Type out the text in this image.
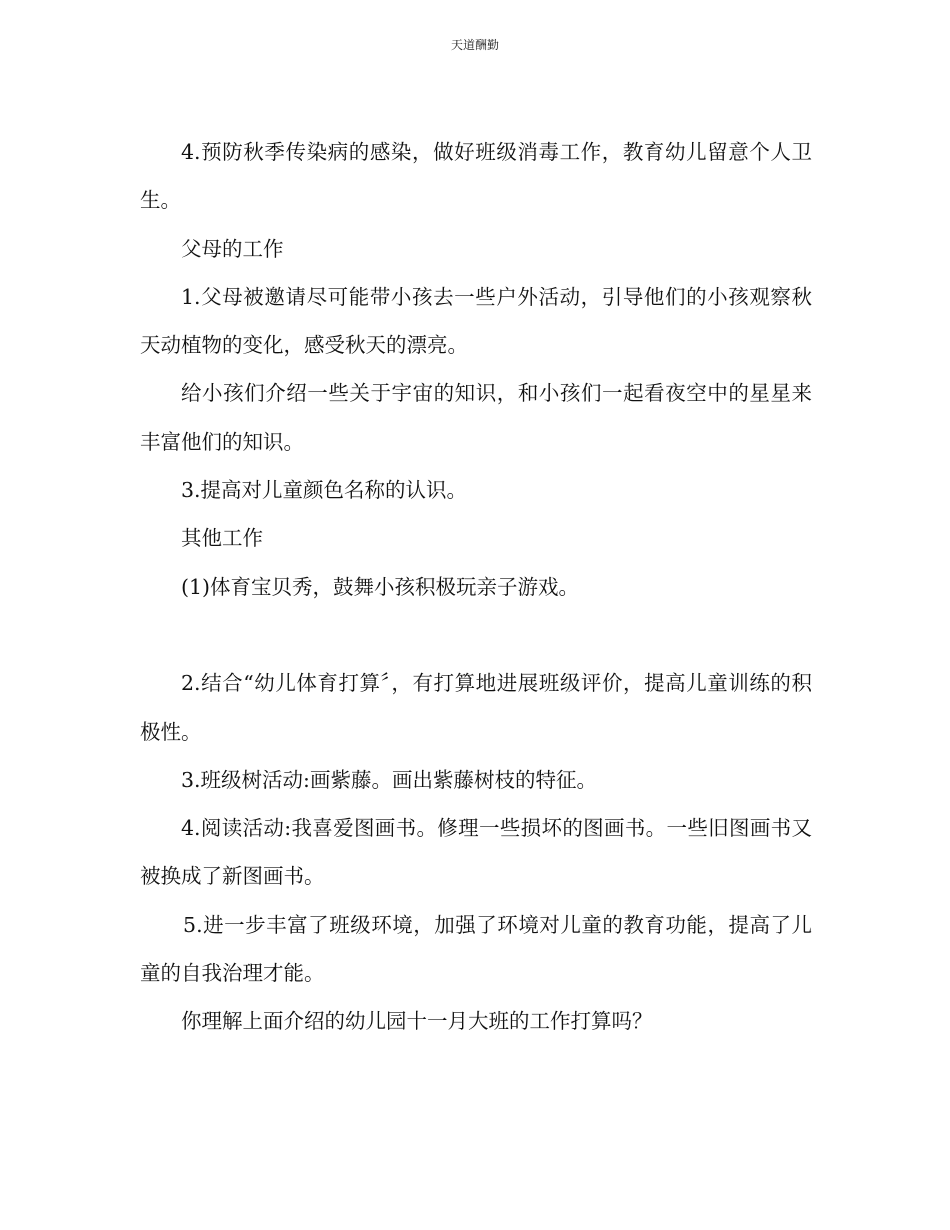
天道酬勤

4.预防秋季传染病的感染，做好班级消毒工作，教育幼儿留意个人卫生。

父母的工作

1.父母被邀请尽可能带小孩去一些户外活动，引导他们的小孩观察秋天动植物的变化，感受秋天的漂亮。

给小孩们介绍一些关于宇宙的知识，和小孩们一起看夜空中的星星来丰富他们的知识。

3.提高对儿童颜色名称的认识。

其他工作

(1)体育宝贝秀，鼓舞小孩积极玩亲子游戏。

2.结合“幼儿体育打算〞，有打算地进展班级评价，提高儿童训练的积极性。

3.班级树活动:画紫藤。画出紫藤树枝的特征。

4.阅读活动:我喜爱图画书。修理一些损坏的图画书。一些旧图画书又被换成了新图画书。

5.进一步丰富了班级环境，加强了环境对儿童的教育功能，提高了儿童的自我治理才能。

你理解上面介绍的幼儿园十一月大班的工作打算吗？
